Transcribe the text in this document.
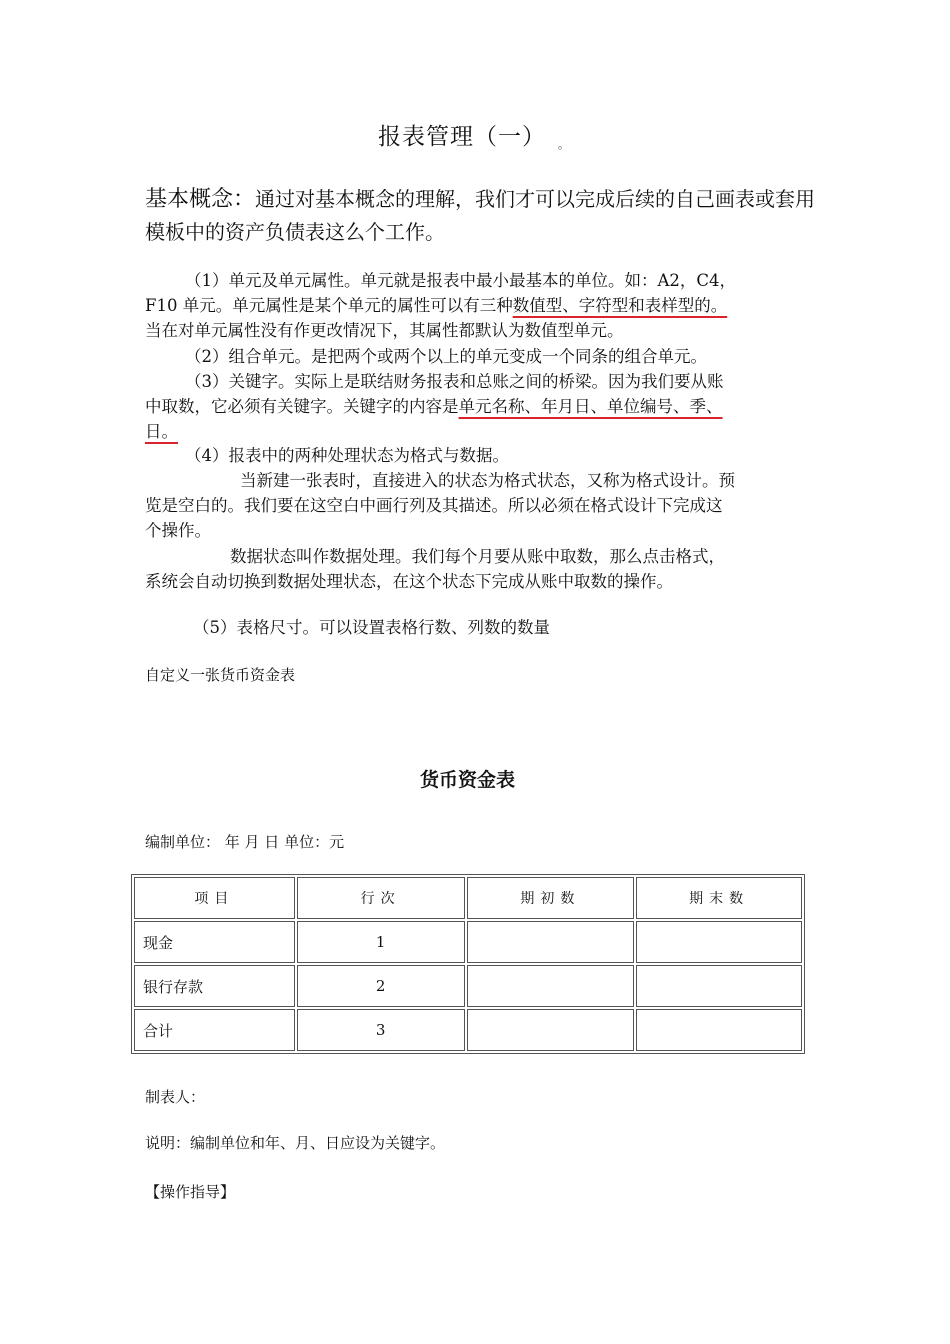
报表管理（一） 。
基本概念：通过对基本概念的理解，我们才可以完成后续的自己画表或套用模板中的资产负债表这么个工作。
（1）单元及单元属性。单元就是报表中最小最基本的单位。如：A2，C4，
F10 单元。单元属性是某个单元的属性可以有三种数值型、字符型和表样型的。
当在对单元属性没有作更改情况下，其属性都默认为数值型单元。
（2）组合单元。是把两个或两个以上的单元变成一个同条的组合单元。
（3）关键字。实际上是联结财务报表和总账之间的桥梁。因为我们要从账
中取数，它必须有关键字。关键字的内容是单元名称、年月日、单位编号、季、
日。
（4）报表中的两种处理状态为格式与数据。
当新建一张表时，直接进入的状态为格式状态，又称为格式设计。预
览是空白的。我们要在这空白中画行列及其描述。所以必须在格式设计下完成这
个操作。
数据状态叫作数据处理。我们每个月要从账中取数，那么点击格式，
系统会自动切换到数据处理状态，在这个状态下完成从账中取数的操作。
（5）表格尺寸。可以设置表格行数、列数的数量
自定义一张货币资金表
货币资金表
编制单位： 年 月 日 单位：元
项目	行次	期初数	期末数
现金	1		
银行存款	2		
合计	3		
制表人：
说明：编制单位和年、月、日应设为关键字。
【操作指导】
